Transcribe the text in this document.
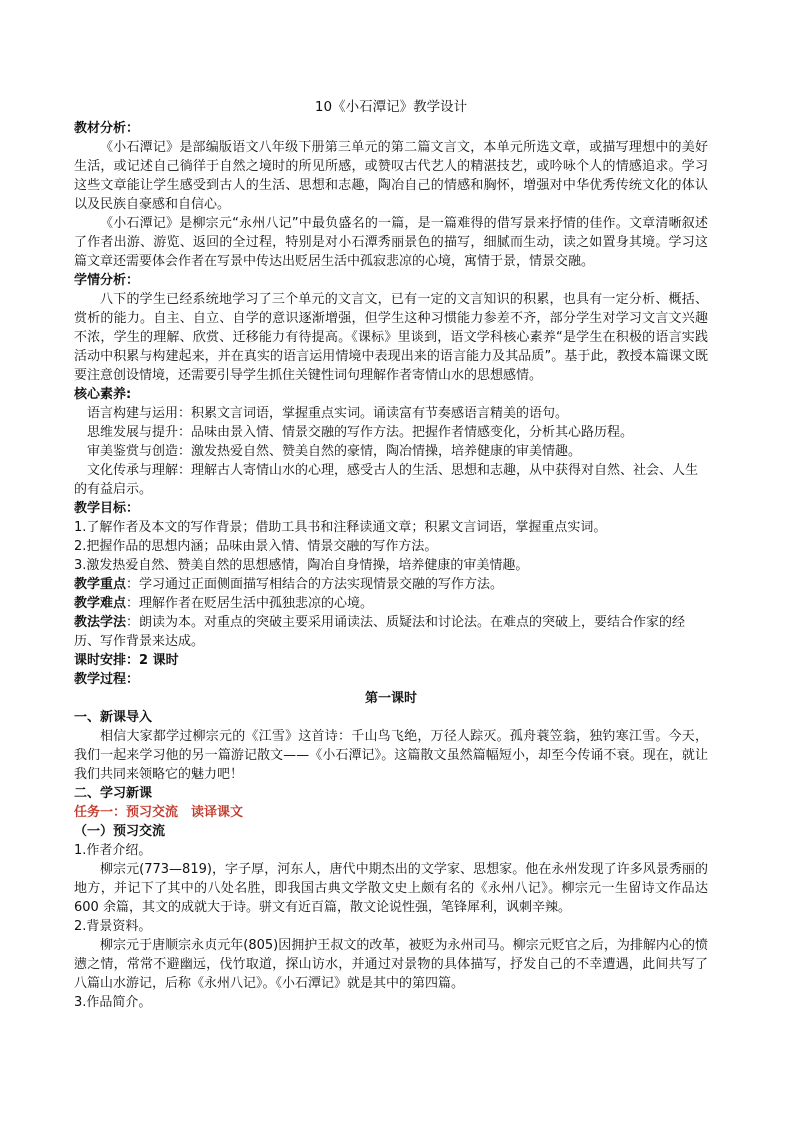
10《小石潭记》教学设计

教材分析：

《小石潭记》是部编版语文八年级下册第三单元的第二篇文言文，本单元所选文章，或描写理想中的美好生活，或记述自己徜徉于自然之境时的所见所感，或赞叹古代艺人的精湛技艺，或吟咏个人的情感追求。学习这些文章能让学生感受到古人的生活、思想和志趣，陶冶自己的情感和胸怀，增强对中华优秀传统文化的体认以及民族自豪感和自信心。

《小石潭记》是柳宗元“永州八记”中最负盛名的一篇，是一篇难得的借写景来抒情的佳作。文章清晰叙述了作者出游、游览、返回的全过程，特别是对小石潭秀丽景色的描写，细腻而生动，读之如置身其境。学习这篇文章还需要体会作者在写景中传达出贬居生活中孤寂悲凉的心境，寓情于景，情景交融。

学情分析：

八下的学生已经系统地学习了三个单元的文言文，已有一定的文言知识的积累，也具有一定分析、概括、赏析的能力。自主、自立、自学的意识逐渐增强，但学生这种习惯能力参差不齐，部分学生对学习文言文兴趣不浓，学生的理解、欣赏、迁移能力有待提高。《课标》里谈到，语文学科核心素养“是学生在积极的语言实践活动中积累与构建起来，并在真实的语言运用情境中表现出来的语言能力及其品质”。基于此，教授本篇课文既要注意创设情境，还需要引导学生抓住关键性词句理解作者寄情山水的思想感情。

核心素养:

语言构建与运用：积累文言词语，掌握重点实词。诵读富有节奏感语言精美的语句。

思维发展与提升：品味由景入情、情景交融的写作方法。把握作者情感变化，分析其心路历程。

审美鉴赏与创造：激发热爱自然、赞美自然的豪情，陶冶情操，培养健康的审美情趣。

文化传承与理解：理解古人寄情山水的心理，感受古人的生活、思想和志趣，从中获得对自然、社会、人生的有益启示。

教学目标：

1.了解作者及本文的写作背景；借助工具书和注释读通文章；积累文言词语，掌握重点实词。

2.把握作品的思想内涵；品味由景入情、情景交融的写作方法。

3.激发热爱自然、赞美自然的思想感情，陶冶自身情操，培养健康的审美情趣。

教学重点：学习通过正面侧面描写相结合的方法实现情景交融的写作方法。

教学难点：理解作者在贬居生活中孤独悲凉的心境。

教法学法：朗读为本。对重点的突破主要采用诵读法、质疑法和讨论法。在难点的突破上，要结合作家的经历、写作背景来达成。

课时安排：2 课时

教学过程：

第一课时

一、新课导入

相信大家都学过柳宗元的《江雪》这首诗：千山鸟飞绝，万径人踪灭。孤舟蓑笠翁，独钓寒江雪。今天，我们一起来学习他的另一篇游记散文——《小石潭记》。这篇散文虽然篇幅短小，却至今传诵不衰。现在，就让我们共同来领略它的魅力吧！

二、学习新课

任务一：预习交流　读译课文

（一）预习交流

1.作者介绍。

柳宗元(773—819)，字子厚，河东人，唐代中期杰出的文学家、思想家。他在永州发现了许多风景秀丽的地方，并记下了其中的八处名胜，即我国古典文学散文史上颇有名的《永州八记》。柳宗元一生留诗文作品达 600 余篇，其文的成就大于诗。骈文有近百篇，散文论说性强，笔锋犀利，讽刺辛辣。

2.背景资料。

柳宗元于唐顺宗永贞元年(805)因拥护王叔文的改革，被贬为永州司马。柳宗元贬官之后，为排解内心的愤懑之情，常常不避幽远，伐竹取道，探山访水，并通过对景物的具体描写，抒发自己的不幸遭遇，此间共写了八篇山水游记，后称《永州八记》。《小石潭记》就是其中的第四篇。

3.作品简介。
